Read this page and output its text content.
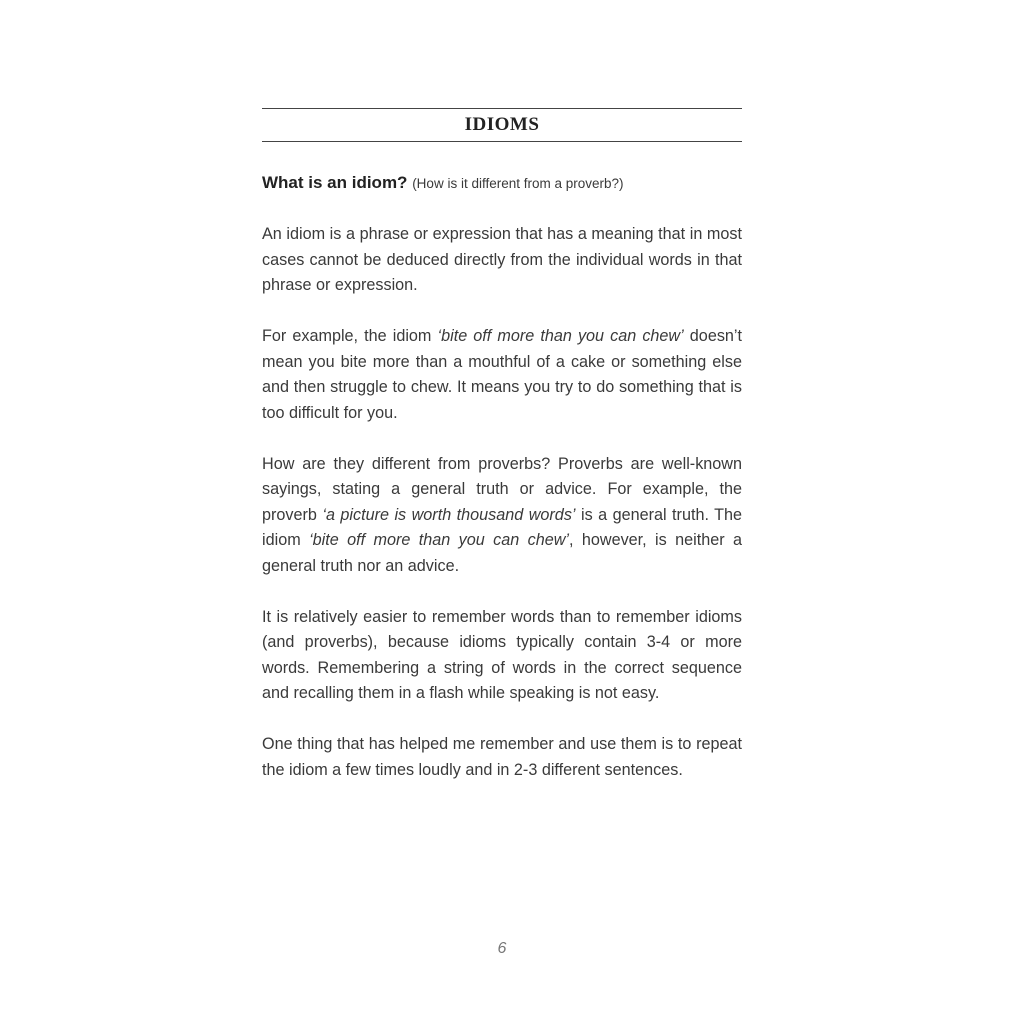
IDIOMS
What is an idiom? (How is it different from a proverb?)

An idiom is a phrase or expression that has a meaning that in most cases cannot be deduced directly from the individual words in that phrase or expression.

For example, the idiom ‘bite off more than you can chew’ doesn’t mean you bite more than a mouthful of a cake or something else and then struggle to chew. It means you try to do something that is too difficult for you.

How are they different from proverbs? Proverbs are well-known sayings, stating a general truth or advice. For example, the proverb ‘a picture is worth thousand words’ is a general truth. The idiom ‘bite off more than you can chew’, however, is neither a general truth nor an advice.

It is relatively easier to remember words than to remember idioms (and proverbs), because idioms typically contain 3-4 or more words. Remembering a string of words in the correct sequence and recalling them in a flash while speaking is not easy.

One thing that has helped me remember and use them is to repeat the idiom a few times loudly and in 2-3 different sentences.

6
